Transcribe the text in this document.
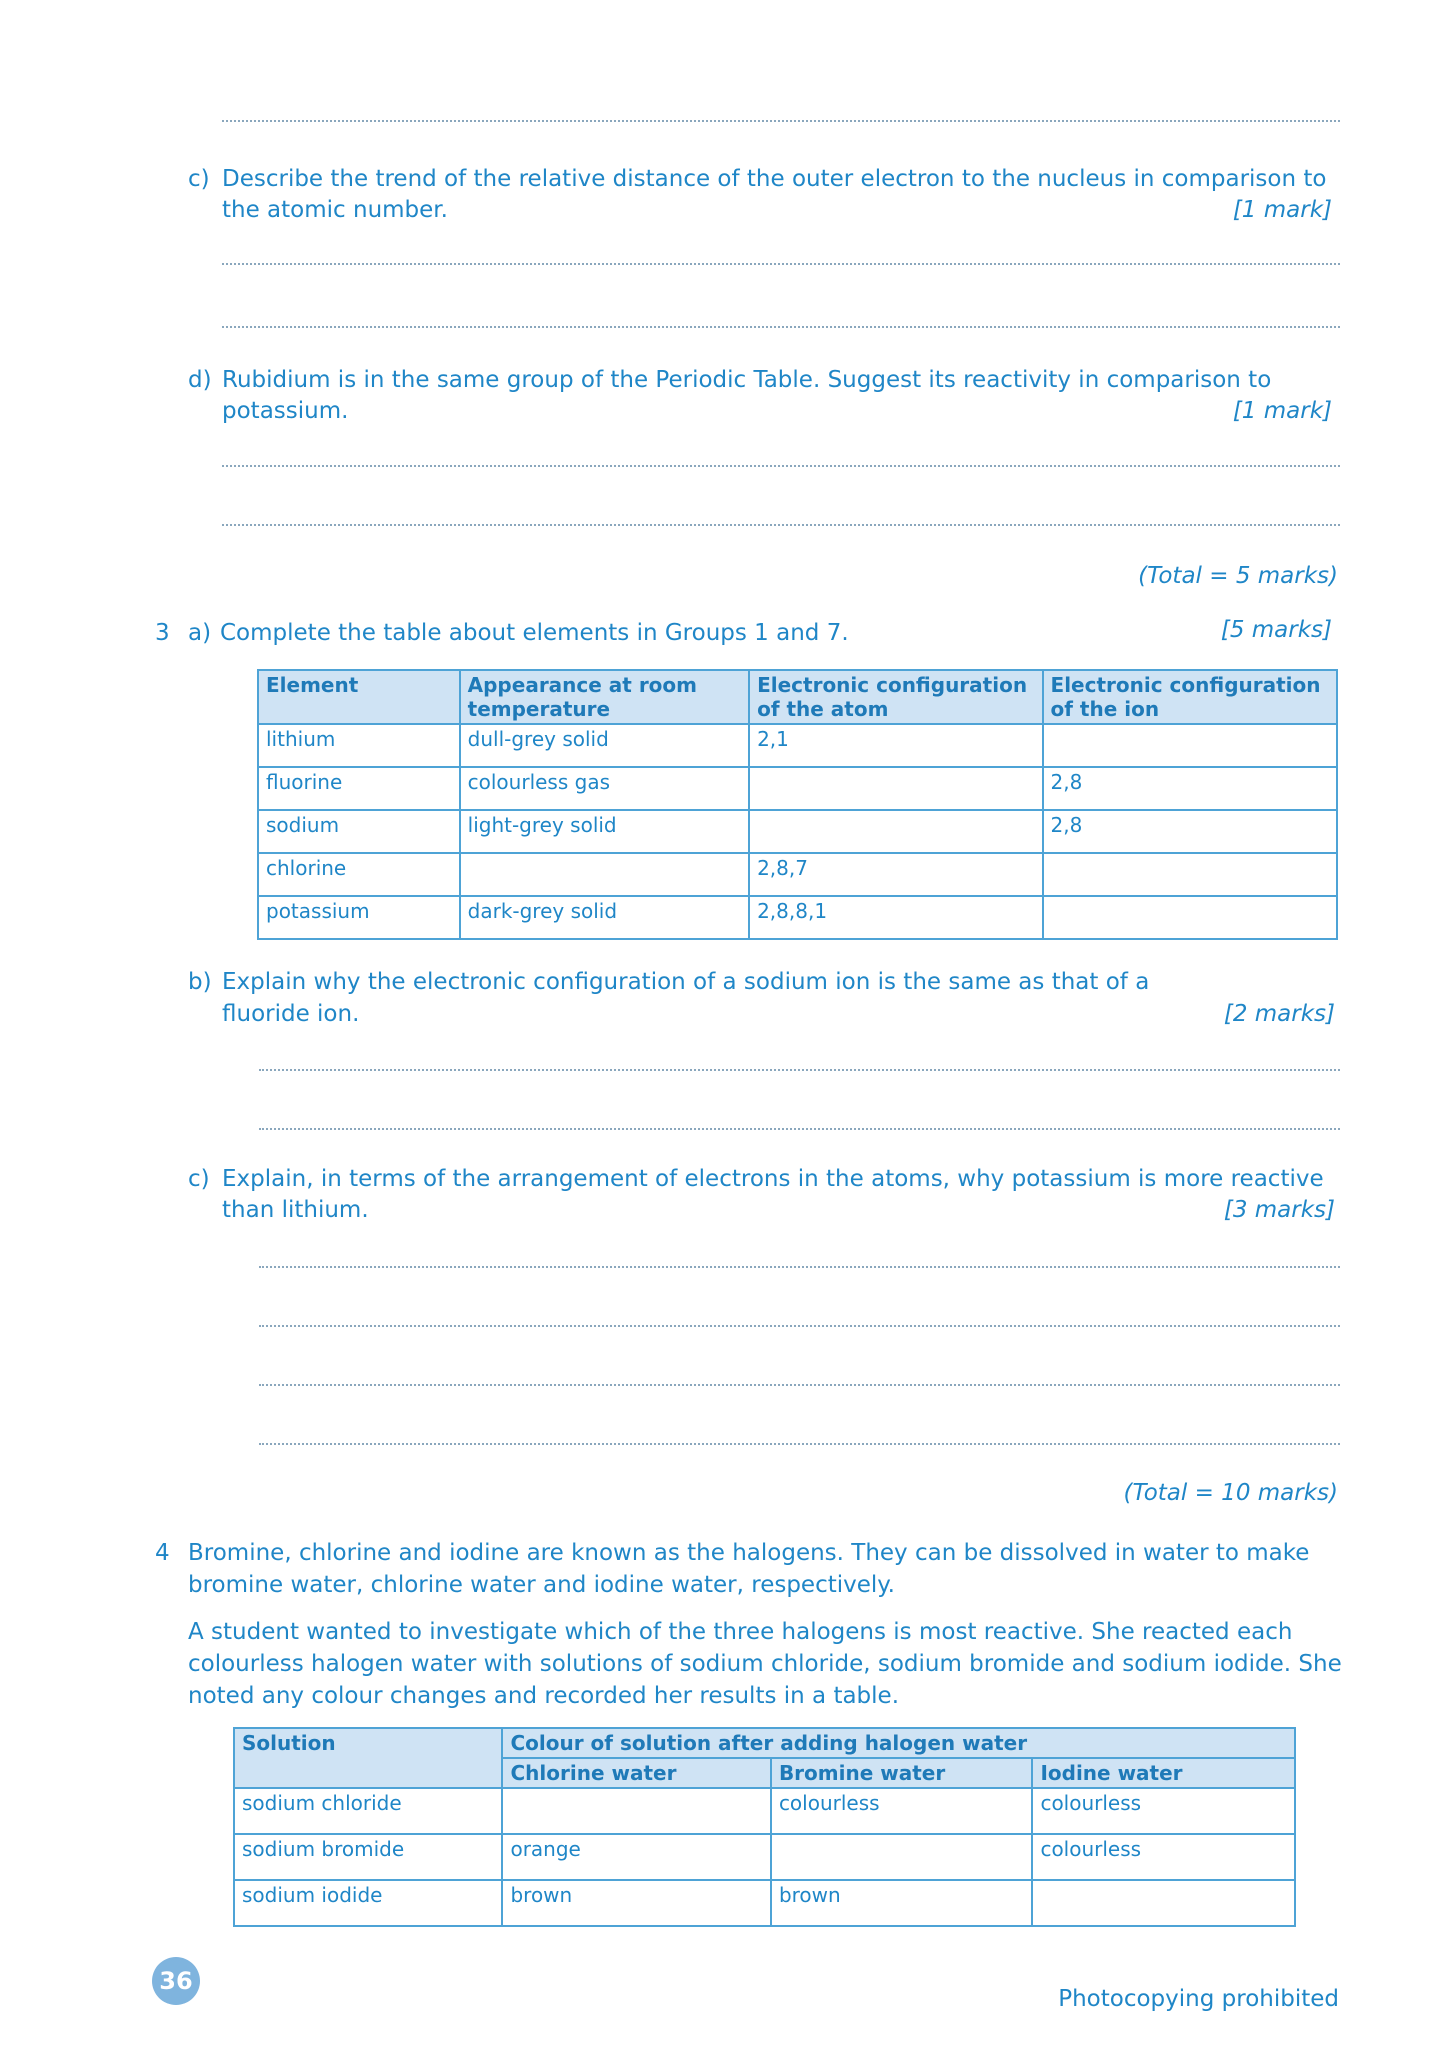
c) Describe the trend of the relative distance of the outer electron to the nucleus in comparison to
the atomic number.	[1 mark]
d) Rubidium is in the same group of the Periodic Table. Suggest its reactivity in comparison to
potassium.	[1 mark]
(Total = 5 marks)
3 a) Complete the table about elements in Groups 1 and 7.	[5 marks]
Element	Appearance at room temperature	Electronic configuration of the atom	Electronic configuration of the ion
lithium	dull-grey solid	2,1	
fluorine	colourless gas		2,8
sodium	light-grey solid		2,8
chlorine		2,8,7	
potassium	dark-grey solid	2,8,8,1	
b) Explain why the electronic configuration of a sodium ion is the same as that of a
fluoride ion.	[2 marks]
c) Explain, in terms of the arrangement of electrons in the atoms, why potassium is more reactive
than lithium.	[3 marks]
(Total = 10 marks)
4 Bromine, chlorine and iodine are known as the halogens. They can be dissolved in water to make
bromine water, chlorine water and iodine water, respectively.
A student wanted to investigate which of the three halogens is most reactive. She reacted each
colourless halogen water with solutions of sodium chloride, sodium bromide and sodium iodide. She
noted any colour changes and recorded her results in a table.
Solution	Colour of solution after adding halogen water		
	Chlorine water	Bromine water	Iodine water
sodium chloride		colourless	colourless
sodium bromide	orange		colourless
sodium iodide	brown	brown	
36
Photocopying prohibited
